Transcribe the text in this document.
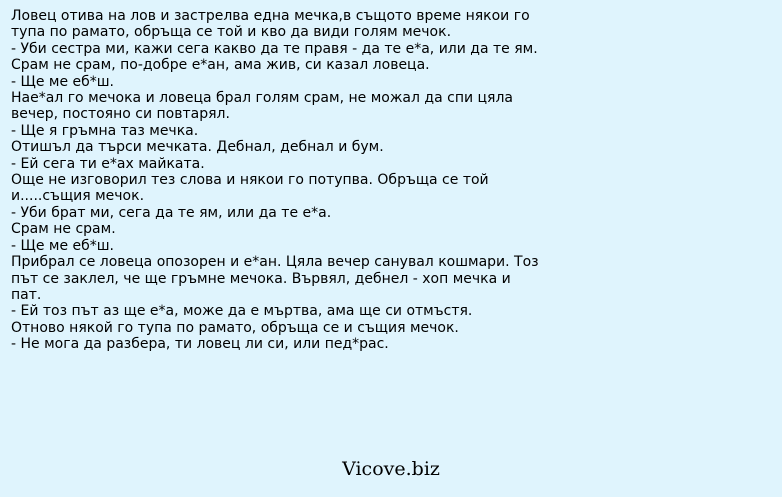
Ловец отива на лов и застрелва една мечка,в същото време някои го
тупа по рамато, обръща се той и кво да види голям мечок.
- Уби сестра ми, кажи сега какво да те правя - да те е*а, или да те ям.
Срам не срам, по-добре е*ан, ама жив, си казал ловеца.
- Ще ме еб*ш.
Нае*ал го мечока и ловеца брал голям срам, не можал да спи цяла
вечер, постояно си повтарял.
- Ще я гръмна таз мечка.
Отишъл да търси мечката. Дебнал, дебнал и бум.
- Ей сега ти е*ах майката.
Още не изговорил тез слова и някои го потупва. Обръща се той
и.....същия мечок.
- Уби брат ми, сега да те ям, или да те е*а.
Срам не срам.
- Ще ме еб*ш.
Прибрал се ловеца опозорен и е*ан. Цяла вечер санувал кошмари. Тоз
път се заклел, че ще гръмне мечока. Вървял, дебнел - хоп мечка и
пат.
- Ей тоз път аз ще е*а, може да е мъртва, ама ще си отмъстя.
Отново някой го тупа по рамато, обръща се и същия мечок.
- Не мога да разбера, ти ловец ли си, или пед*рас.

Vicove.biz
